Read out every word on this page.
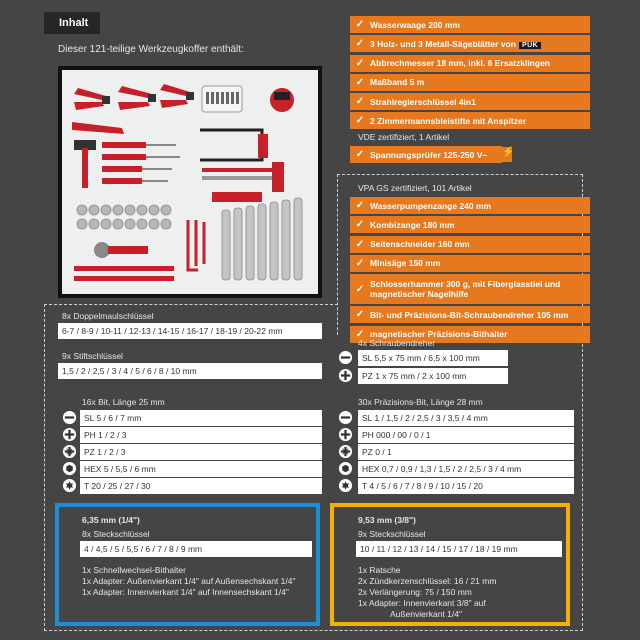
Inhalt
Dieser 121-teilige Werkzeugkoffer enthält:
✓ Wasserwaage 200 mm
✓ 3 Holz- und 3 Metall-Sägeblätter von PUK
✓ Abbrechmesser 18 mm, inkl. 6 Ersatzklingen
✓ Maßband 5 m
✓ Strahlreglerschlüssel 4in1
✓ 2 Zimmermannsbleistifte mit Anspitzer
VDE zertifiziert, 1 Artikel
✓ Spannungsprüfer 125-250 V~	⚡
VPA GS zertifiziert, 101 Artikel
✓ Wasserpumpenzange 240 mm
✓ Kombizange 180 mm
✓ Seitenschneider 160 mm
✓ Minisäge 150 mm
✓ Schlosserhammer 300 g, mit Fiberglasstiel und magnetischer Nagelhilfe
✓ Bit- und Präzisions-Bit-Schraubendreher 105 mm
✓ magnetischer Präzisions-Bithalter
8x Doppelmaulschlüssel
6-7 / 8-9 / 10-11 / 12-13 / 14-15 / 16-17 / 18-19 / 20-22 mm
9x Stiftschlüssel
1,5 / 2 / 2,5 / 3 / 4 / 5 / 6 / 8 / 10 mm
4x Schraubendreher
SL 5,5 x 75 mm / 6,5 x 100 mm
PZ 1 x 75 mm / 2 x 100 mm
16x Bit, Länge 25 mm
SL 5 / 6 / 7 mm
PH 1 / 2 / 3
PZ 1 / 2 / 3
HEX 5 / 5,5 / 6 mm
T 20 / 25 / 27 / 30
30x Präzisions-Bit, Länge 28 mm
SL 1 / 1,5 / 2 / 2,5 / 3 / 3,5 / 4 mm
PH 000 / 00 / 0 / 1
PZ 0 / 1
HEX 0,7 / 0,9 / 1,3 / 1,5 / 2 / 2,5 / 3 / 4 mm
T 4 / 5 / 6 / 7 / 8 / 9 / 10 / 15 / 20
6,35 mm (1/4")
8x Steckschlüssel
4 / 4,5 / 5 / 5,5 / 6 / 7 / 8 / 9 mm
1x Schnellwechsel-Bithalter
1x Adapter: Außenvierkant 1/4" auf Außensechskant 1/4"
1x Adapter: Innenvierkant 1/4" auf Innensechskant 1/4"
9,53 mm (3/8")
9x Steckschlüssel
10 / 11 / 12 / 13 / 14 / 15 / 17 / 18 / 19 mm
1x Ratsche
2x Zündkerzenschlüssel: 16 / 21 mm
2x Verlängerung: 75 / 150 mm
1x Adapter: Innenvierkant 3/8" auf
Außenvierkant 1/4"
